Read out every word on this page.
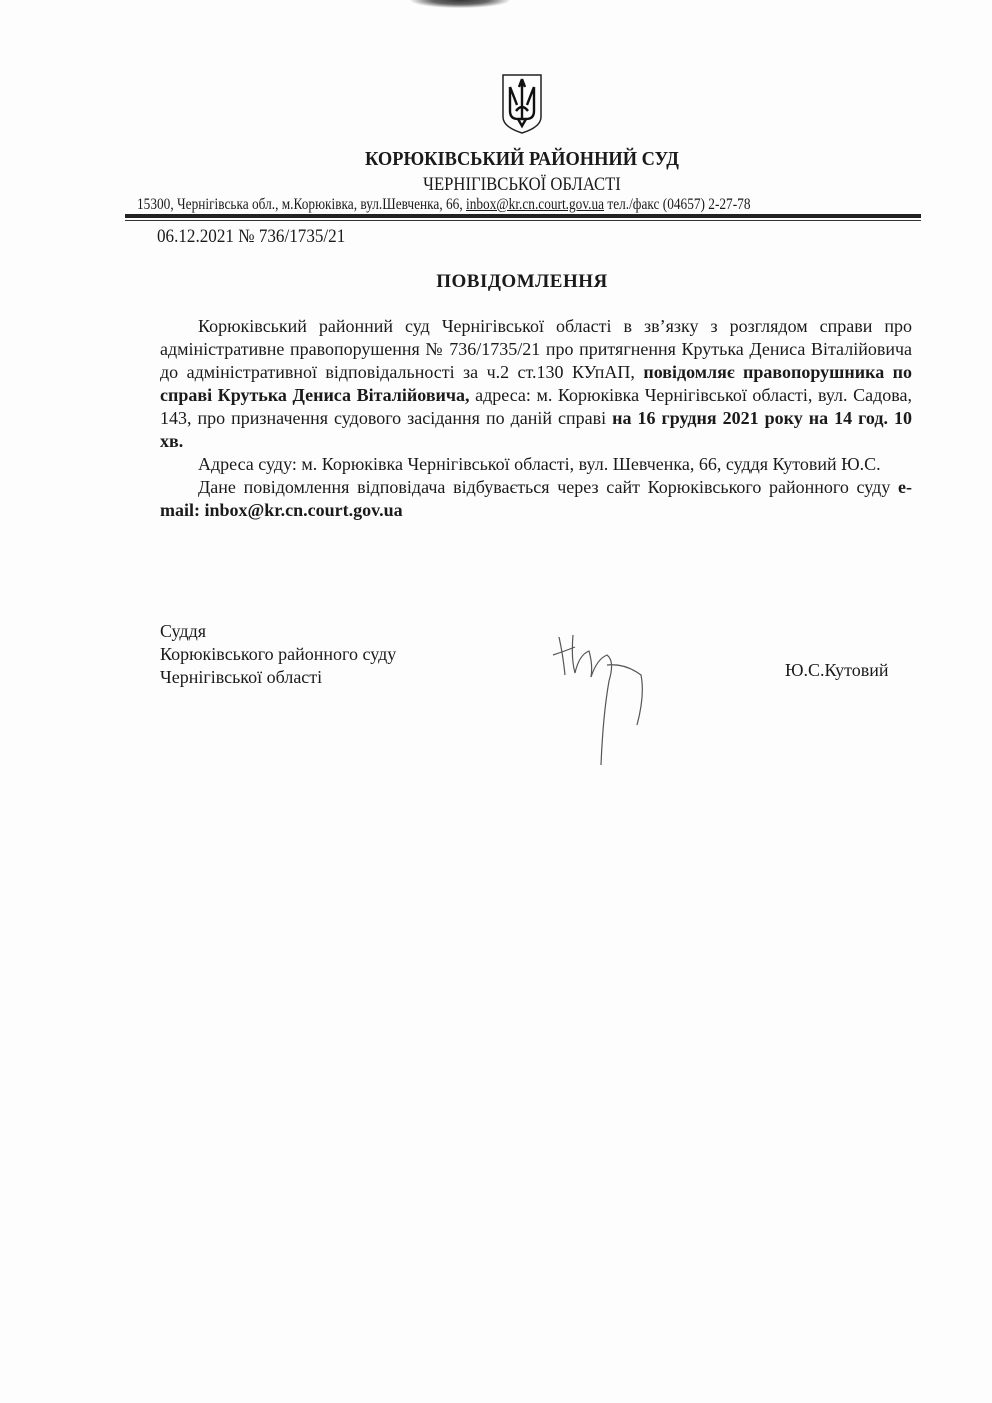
КОРЮКІВСЬКИЙ РАЙОННИЙ СУД
ЧЕРНІГІВСЬКОЇ ОБЛАСТІ
15300, Чернігівська обл., м.Корюківка, вул.Шевченка, 66, inbox@kr.cn.court.gov.ua тел./факс (04657) 2-27-78
06.12.2021 № 736/1735/21
ПОВІДОМЛЕННЯ

Корюківський районний суд Чернігівської області в зв’язку з розглядом справи про адміністративне правопорушення № 736/1735/21 про притягнення Крутька Дениса Віталійовича до адміністративної відповідальності за ч.2 ст.130 КУпАП, повідомляє правопорушника по справі Крутька Дениса Віталійовича, адреса: м. Корюківка Чернігівської області, вул. Садова, 143, про призначення судового засідання по даній справі на 16 грудня 2021 року на 14 год. 10 хв.

Адреса суду: м. Корюківка Чернігівської області, вул. Шевченка, 66, суддя Кутовий Ю.С.

Дане повідомлення відповідача відбувається через сайт Корюківського районного суду e-mail: inbox@kr.cn.court.gov.ua

Суддя
Корюківського районного суду
Чернігівської області	Ю.С.Кутовий
